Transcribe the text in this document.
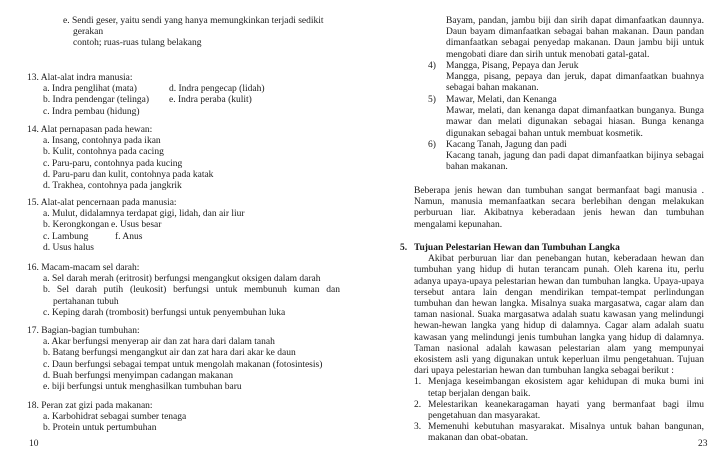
e. Sendi geser, yaitu sendi yang hanya memungkinkan terjadi sedikit
gerakan
contoh; ruas-ruas tulang belakang
13. Alat-alat indra manusia:
a. Indra penglihat (mata)	d. Indra pengecap (lidah)
b. Indra pendengar (telinga)	e. Indra peraba (kulit)
c. Indra pembau (hidung)
14. Alat pernapasan pada hewan:
a. Insang, contohnya pada ikan
b. Kulit, contohnya pada cacing
c. Paru-paru, contohnya pada kucing
d. Paru-paru dan kulit, contohnya pada katak
d. Trakhea, contohnya pada jangkrik
15. Alat-alat pencernaan pada manusia:
a. Mulut, didalamnya terdapat gigi, lidah, dan air liur
b. Kerongkongan e. Usus besar
c. Lambung	f. Anus
d. Usus halus
16. Macam-macam sel darah:
a. Sel darah merah (eritrosit) berfungsi mengangkut oksigen dalam darah
b. Sel darah putih (leukosit) berfungsi untuk membunuh kuman dan
pertahanan tubuh
c. Keping darah (trombosit) berfungsi untuk penyembuhan luka
17. Bagian-bagian tumbuhan:
a. Akar berfungsi menyerap air dan zat hara dari dalam tanah
b. Batang berfungsi mengangkut air dan zat hara dari akar ke daun
c. Daun berfungsi sebagai tempat untuk mengolah makanan (fotosintesis)
d. Buah berfungsi menyimpan cadangan makanan
e. biji berfungsi untuk menghasilkan tumbuhan baru
18. Peran zat gizi pada makanan:
a. Karbohidrat sebagai sumber tenaga
b. Protein untuk pertumbuhan
10
Bayam, pandan, jambu biji dan sirih dapat dimanfaatkan daunnya.
Daun bayam dimanfaatkan sebagai bahan makanan. Daun pandan
dimanfaatkan sebagai penyedap makanan. Daun jambu biji untuk
mengobati diare dan sirih untuk menobati gatal-gatal.
4)	Mangga, Pisang, Pepaya dan Jeruk
Mangga, pisang, pepaya dan jeruk, dapat dimanfaatkan buahnya
sebagai bahan makanan.
5)	Mawar, Melati, dan Kenanga
Mawar, melati, dan kenanga dapat dimanfaatkan bunganya. Bunga
mawar dan melati digunakan sebagai hiasan. Bunga kenanga
digunakan sebagai bahan untuk membuat kosmetik.
6)	Kacang Tanah, Jagung dan padi
Kacang tanah, jagung dan padi dapat dimanfaatkan bijinya sebagai
bahan makanan.
Beberapa jenis hewan dan tumbuhan sangat bermanfaat bagi manusia .
Namun, manusia memanfaatkan secara berlebihan dengan melakukan
perburuan liar. Akibatnya keberadaan jenis hewan dan tumbuhan
mengalami kepunahan.
5. Tujuan Pelestarian Hewan dan Tumbuhan Langka
Akibat perburuan liar dan penebangan hutan, keberadaan hewan dan
tumbuhan yang hidup di hutan terancam punah. Oleh karena itu, perlu
adanya upaya-upaya pelestarian hewan dan tumbuhan langka. Upaya-upaya
tersebut antara lain dengan mendirikan tempat-tempat perlindungan
tumbuhan dan hewan langka. Misalnya suaka margasatwa, cagar alam dan
taman nasional. Suaka margasatwa adalah suatu kawasan yang melindungi
hewan-hewan langka yang hidup di dalamnya. Cagar alam adalah suatu
kawasan yang melindungi jenis tumbuhan langka yang hidup di dalamnya.
Taman nasional adalah kawasan pelestarian alam yang mempunyai
ekosistem asli yang digunakan untuk keperluan ilmu pengetahuan. Tujuan
dari upaya pelestarian hewan dan tumbuhan langka sebagai berikut :
1. Menjaga keseimbangan ekosistem agar kehidupan di muka bumi ini
tetap berjalan dengan baik.
2. Melestarikan keanekaragaman hayati yang bermanfaat bagi ilmu
pengetahuan dan masyarakat.
3. Memenuhi kebutuhan masyarakat. Misalnya untuk bahan bangunan,
makanan dan obat-obatan.
23
